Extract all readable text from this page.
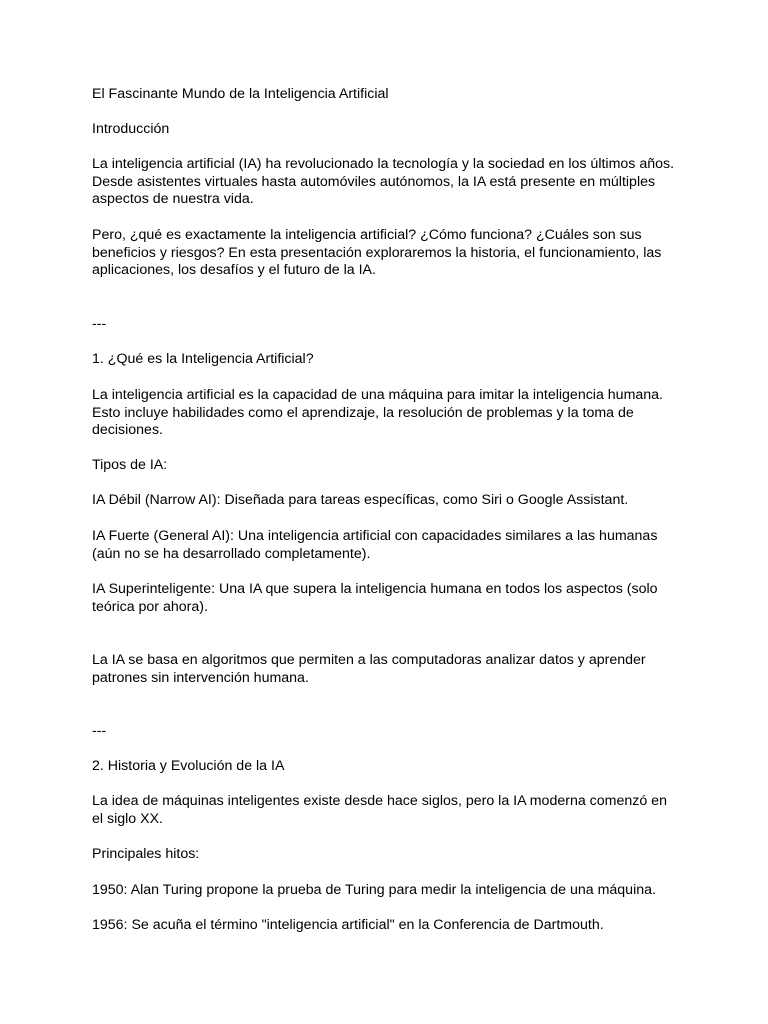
El Fascinante Mundo de la Inteligencia Artificial

Introducción

La inteligencia artificial (IA) ha revolucionado la tecnología y la sociedad en los últimos años.
Desde asistentes virtuales hasta automóviles autónomos, la IA está presente en múltiples
aspectos de nuestra vida.

Pero, ¿qué es exactamente la inteligencia artificial? ¿Cómo funciona? ¿Cuáles son sus
beneficios y riesgos? En esta presentación exploraremos la historia, el funcionamiento, las
aplicaciones, los desafíos y el futuro de la IA.

---

1. ¿Qué es la Inteligencia Artificial?

La inteligencia artificial es la capacidad de una máquina para imitar la inteligencia humana.
Esto incluye habilidades como el aprendizaje, la resolución de problemas y la toma de
decisiones.

Tipos de IA:

IA Débil (Narrow AI): Diseñada para tareas específicas, como Siri o Google Assistant.

IA Fuerte (General AI): Una inteligencia artificial con capacidades similares a las humanas
(aún no se ha desarrollado completamente).

IA Superinteligente: Una IA que supera la inteligencia humana en todos los aspectos (solo
teórica por ahora).

La IA se basa en algoritmos que permiten a las computadoras analizar datos y aprender
patrones sin intervención humana.

---

2. Historia y Evolución de la IA

La idea de máquinas inteligentes existe desde hace siglos, pero la IA moderna comenzó en
el siglo XX.

Principales hitos:

1950: Alan Turing propone la prueba de Turing para medir la inteligencia de una máquina.

1956: Se acuña el término "inteligencia artificial" en la Conferencia de Dartmouth.
